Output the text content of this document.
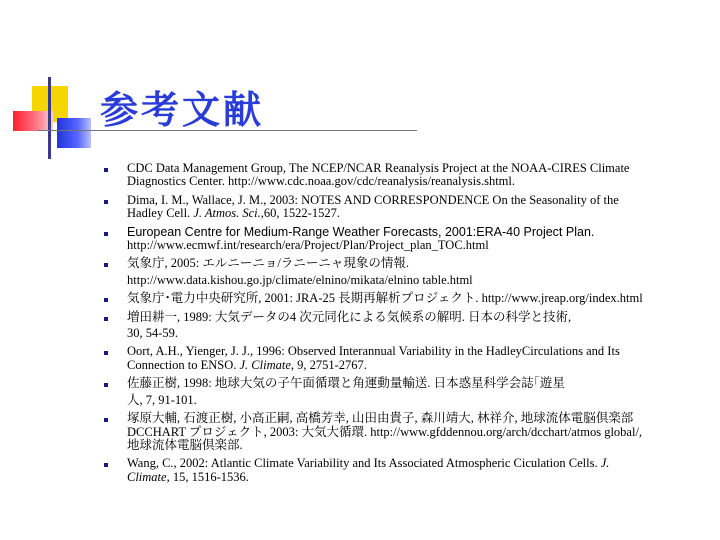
参考文献
CDC Data Management Group, The NCEP/NCAR Reanalysis Project at the NOAA-CIRES Climate
Diagnostics Center. http://www.cdc.noaa.gov/cdc/reanalysis/reanalysis.shtml.
Dima, I. M., Wallace, J. M., 2003: NOTES AND CORRESPONDENCE On the Seasonality of the
Hadley Cell. J. Atmos. Sci.,60, 1522-1527.
European Centre for Medium-Range Weather Forecasts, 2001:ERA-40 Project Plan.
http://www.ecmwf.int/research/era/Project/Plan/Project_plan_TOC.html
気象庁, 2005: エルニーニョ/ラニーニャ現象の情報.
http://www.data.kishou.go.jp/climate/elnino/mikata/elnino table.html
気象庁･電力中央研究所, 2001: JRA-25 長期再解析プロジェクト. http://www.jreap.org/index.html
増田耕一, 1989: 大気データの4 次元同化による気候系の解明. 日本の科学と技術,
30, 54-59.
Oort, A.H., Yienger, J. J., 1996: Observed Interannual Variability in the HadleyCirculations and Its
Connection to ENSO. J. Climate, 9, 2751-2767.
佐藤正樹, 1998: 地球大気の子午面循環と角運動量輸送. 日本惑星科学会誌｢遊星
人, 7, 91-101.
塚原大輔, 石渡正樹, 小高正嗣, 高橋芳幸, 山田由貴子, 森川靖大, 林祥介, 地球流体電脳倶楽部
DCCHART プロジェクト, 2003: 大気大循環. http://www.gfddennou.org/arch/dcchart/atmos global/,
地球流体電脳倶楽部.
Wang, C., 2002: Atlantic Climate Variability and Its Associated Atmospheric Ciculation Cells. J.
Climate, 15, 1516-1536.
